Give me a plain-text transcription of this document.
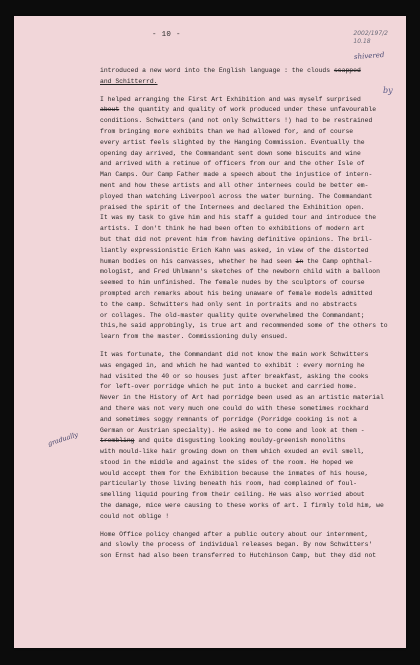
- 10 -	2002/197/2
10.18
shivered
by
gradually
introduced a new word into the English language : the clouds scapped
and Schitterrd.
I helped arranging the First Art Exhibition and was myself surprised
about the quantity and quality of work produced under these unfavourable
conditions. Schwitters (and not only Schwitters !) had to be restrained
from bringing more exhibits than we had allowed for, and of course
every artist feels slighted by the Hanging Commission. Eventually the
opening day arrived, the Commandant sent down some biscuits and wine
and arrived with a retinue of officers from our and the other Isle of
Man Camps. Our Camp Father made a speech about the injustice of intern-
ment and how these artists and all other internees could be better em-
ployed than watching Liverpool across the water burning. The Commandant
praised the spirit of the Internees and declared the Exhibition open.
It was my task to give him and his staff a guided tour and introduce the
artists. I don't think he had been often to exhibitions of modern art
but that did not prevent him from having definitive opinions. The bril-
liantly expressionistic Erich Kahn was asked, in view of the distorted
human bodies on his canvasses, whether he had seen in the Camp ophthal-
mologist, and Fred Uhlmann's sketches of the newborn child with a balloon
seemed to him unfinished. The female nudes by the sculptors of course
prompted arch remarks about his being unaware of female models admitted
to the camp. Schwitters had only sent in portraits and no abstracts
or collages. The old-master quality quite overwhelmed the Commandant;
this,he said approbingly, is true art and recommended some of the others to
learn from the master. Commissioning duly ensued.
It was fortunate, the Commandant did not know the main work Schwitters
was engaged in, and which he had wanted to exhibit : every morning he
had visited the 40 or so houses just after breakfast, asking the cooks
for left-over porridge which he put into a bucket and carried home.
Never in the History of Art had porridge been used as an artistic material
and there was not very much one could do with these sometimes rockhard
and sometimes soggy remnants of porridge (Porridge cooking is not a
German or Austrian specialty). He asked me to come and look at them -
trembling and quite disgusting looking mouldy-greenish monoliths
with mould-like hair growing down on them which exuded an evil smell,
stood in the middle and against the sides of the room. He hoped we
would accept them for the Exhibition because the inmates of his house,
particularly those living beneath his room, had complained of foul-
smelling liquid pouring from their ceiling. He was also worried about
the damage, mice were causing to these works of art. I firmly told him, we
could not oblige !
Home Office policy changed after a public outcry about our internment,
and slowly the process of individual releases began. By now Schwitters'
son Ernst had also been transferred to Hutchinson Camp, but they did not
